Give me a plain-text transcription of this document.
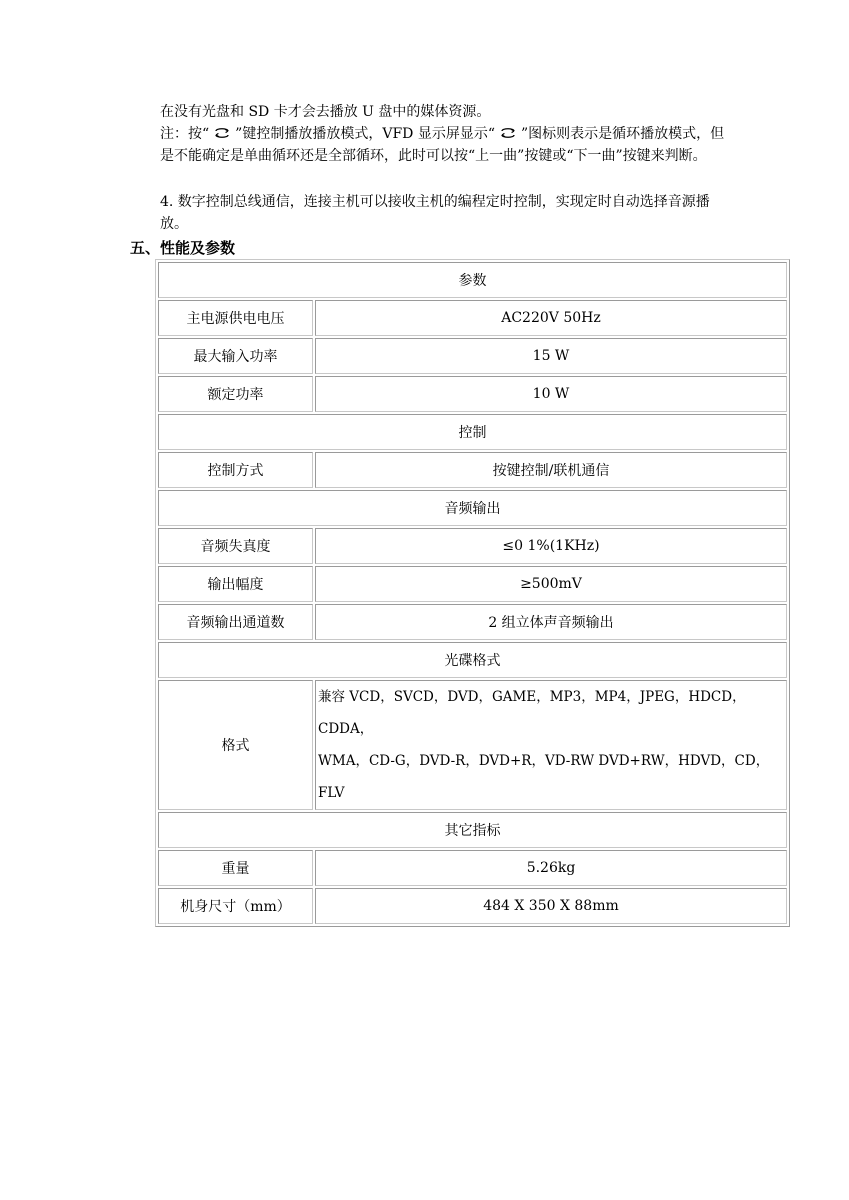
在没有光盘和 SD 卡才会去播放 U 盘中的媒体资源。

注：按“ ”键控制播放播放模式，VFD 显示屏显示“ ”图标则表示是循环播放模式，但是不能确定是单曲循环还是全部循环，此时可以按“上一曲”按键或“下一曲”按键来判断。

4. 数字控制总线通信，连接主机可以接收主机的编程定时控制，实现定时自动选择音源播放。

五、性能及参数
参数	
主电源供电电压	AC220V 50Hz
最大输入功率	15 W
额定功率	10 W
控制	
控制方式	按键控制/联机通信
音频输出	
音频失真度	≤0 1%(1KHz)
输出幅度	≥500mV
音频输出通道数	2 组立体声音频输出
光碟格式	
格式	兼容 VCD，SVCD，DVD，GAME，MP3，MP4，JPEG，HDCD，CDDA，
WMA，CD-G，DVD-R，DVD+R，VD-RW DVD+RW，HDVD，CD，FLV

其它指标	
重量	5.26kg
机身尺寸（mm）	484 X 350 X 88mm
